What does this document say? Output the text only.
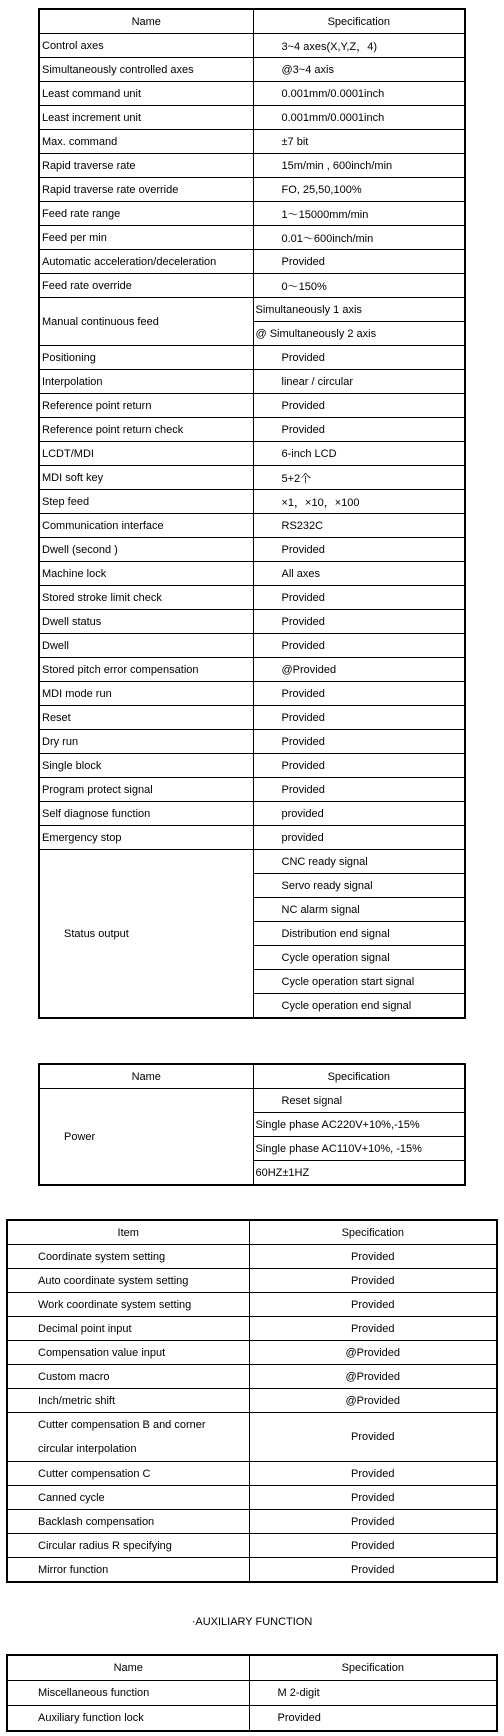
Name	Specification
Control axes	3~4 axes(X,Y,Z，4)
Simultaneously controlled axes	@3~4 axis
Least command unit	0.001mm/0.0001inch
Least increment unit	0.001mm/0.0001inch
Max. command	±7 bit
Rapid traverse rate	15m/min , 600inch/min
Rapid traverse rate override	FO, 25,50,100%
Feed rate range	1～15000mm/min
Feed per min	0.01～600inch/min
Automatic acceleration/deceleration	Provided
Feed rate override	0～150%
Manual continuous feed	Simultaneously 1 axis
	@ Simultaneously 2 axis
Positioning	Provided
Interpolation	linear / circular
Reference point return	Provided
Reference point return check	Provided
LCDT/MDI	6-inch LCD
MDI soft key	5+2个
Step feed	×1，×10，×100
Communication interface	RS232C
Dwell (second )	Provided
Machine lock	All axes
Stored stroke limit check	Provided
Dwell status	Provided
Dwell	Provided
Stored pitch error compensation	@Provided
MDI mode run	Provided
Reset	Provided
Dry run	Provided
Single block	Provided
Program protect signal	Provided
Self diagnose function	provided
Emergency stop	provided
Status output	CNC ready signal
	Servo ready signal
	NC alarm signal
	Distribution end signal
	Cycle operation signal
	Cycle operation start signal
	Cycle operation end signal
Name	Specification
Power	Reset signal
	Single phase AC220V+10%,-15%
	Single phase AC110V+10%, -15%
	60HZ±1HZ
Item	Specification
Coordinate system setting	Provided
Auto coordinate system setting	Provided
Work coordinate system setting	Provided
Decimal point input	Provided
Compensation value input	@Provided
Custom macro	@Provided
Inch/metric shift	@Provided
Cutter compensation B and corner
circular interpolation	Provided
Cutter compensation C	Provided
Canned cycle	Provided
Backlash compensation	Provided
Circular radius R specifying	Provided
Mirror function	Provided
·AUXILIARY FUNCTION
Name	Specification
Miscellaneous function	M 2-digit
Auxiliary function lock	Provided
